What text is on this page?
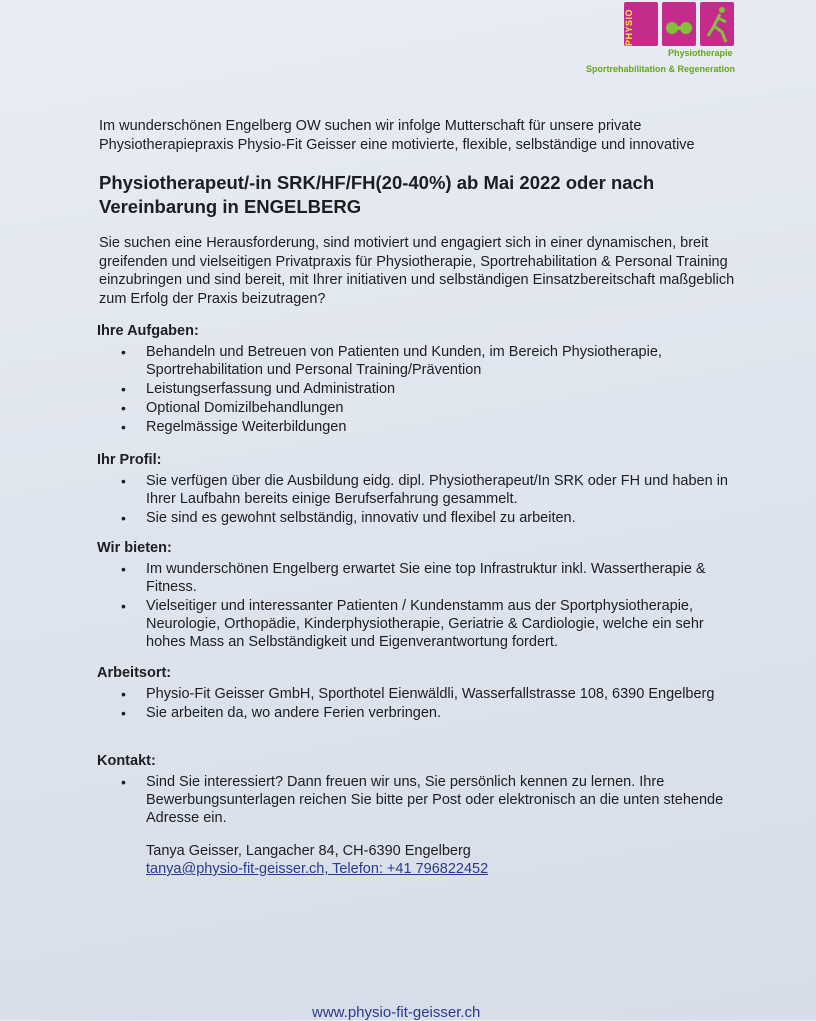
PHYSIO
Physiotherapie
Sportrehabilitation & Regeneration
Im wunderschönen Engelberg OW suchen wir infolge Mutterschaft für unsere private Physiotherapiepraxis Physio-Fit Geisser eine motivierte, flexible, selbständige und innovative
Physiotherapeut/-in SRK/HF/FH(20-40%) ab Mai 2022 oder nach Vereinbarung in ENGELBERG
Sie suchen eine Herausforderung, sind motiviert und engagiert sich in einer dynamischen, breit greifenden und vielseitigen Privatpraxis für Physiotherapie, Sportrehabilitation & Personal Training einzubringen und sind bereit, mit Ihrer initiativen und selbständigen Einsatzbereitschaft maßgeblich zum Erfolg der Praxis beizutragen?
Ihre Aufgaben:
• Behandeln und Betreuen von Patienten und Kunden, im Bereich Physiotherapie, Sportrehabilitation und Personal Training/Prävention
• Leistungserfassung und Administration
• Optional Domizilbehandlungen
• Regelmässige Weiterbildungen
Ihr Profil:
• Sie verfügen über die Ausbildung eidg. dipl. Physiotherapeut/In SRK oder FH und haben in Ihrer Laufbahn bereits einige Berufserfahrung gesammelt.
• Sie sind es gewohnt selbständig, innovativ und flexibel zu arbeiten.
Wir bieten:
• Im wunderschönen Engelberg erwartet Sie eine top Infrastruktur inkl. Wassertherapie & Fitness.
• Vielseitiger und interessanter Patienten / Kundenstamm aus der Sportphysiotherapie, Neurologie, Orthopädie, Kinderphysiotherapie, Geriatrie & Cardiologie, welche ein sehr hohes Mass an Selbständigkeit und Eigenverantwortung fordert.
Arbeitsort:
• Physio-Fit Geisser GmbH, Sporthotel Eienwäldli, Wasserfallstrasse 108, 6390 Engelberg
• Sie arbeiten da, wo andere Ferien verbringen.
Kontakt:
• Sind Sie interessiert? Dann freuen wir uns, Sie persönlich kennen zu lernen. Ihre Bewerbungsunterlagen reichen Sie bitte per Post oder elektronisch an die unten stehende Adresse ein.
Tanya Geisser, Langacher 84, CH-6390 Engelberg
tanya@physio-fit-geisser.ch, Telefon: +41 796822452
www.physio-fit-geisser.ch
